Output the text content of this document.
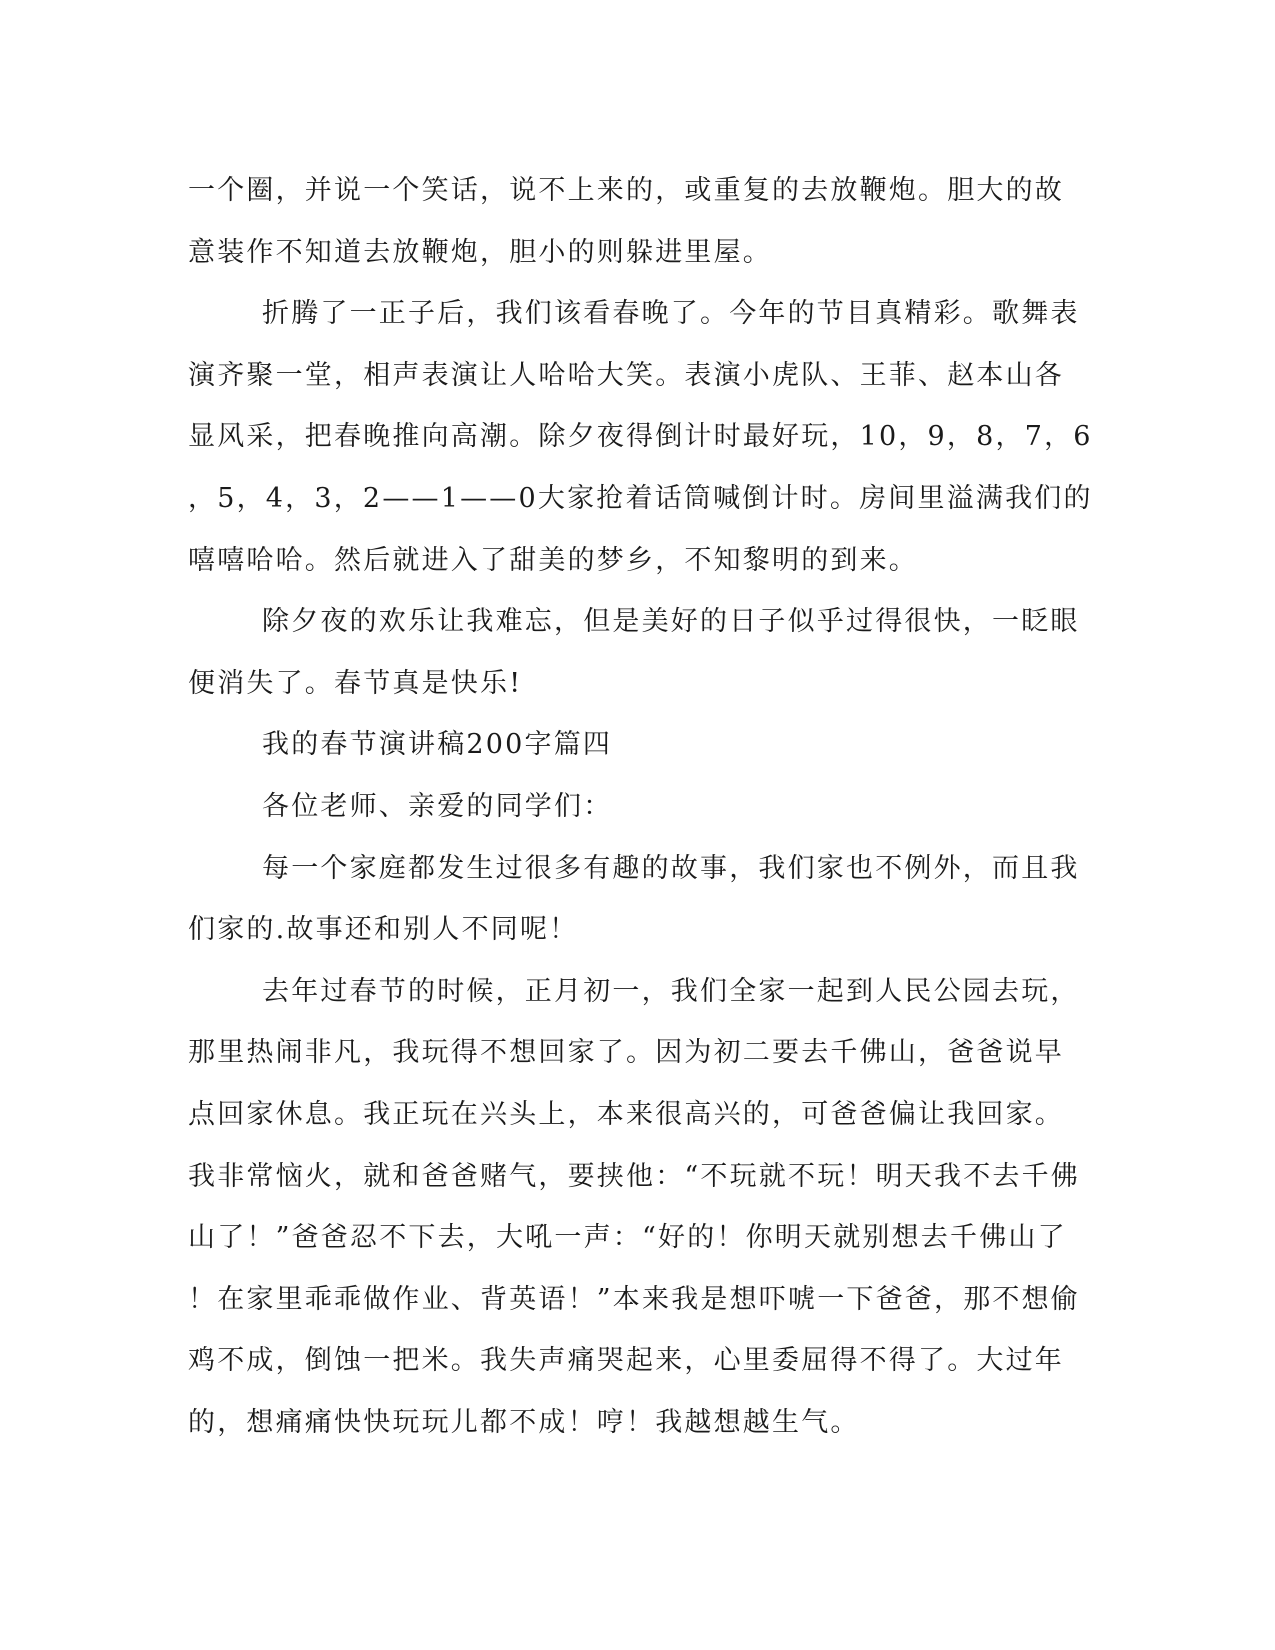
一个圈，并说一个笑话，说不上来的，或重复的去放鞭炮。胆大的故
意装作不知道去放鞭炮，胆小的则躲进里屋。
折腾了一正子后，我们该看春晚了。今年的节目真精彩。歌舞表
演齐聚一堂，相声表演让人哈哈大笑。表演小虎队、王菲、赵本山各
显风采，把春晚推向高潮。除夕夜得倒计时最好玩，10，9，8，7，6
，5，4，3，2——1——0大家抢着话筒喊倒计时。房间里溢满我们的
嘻嘻哈哈。然后就进入了甜美的梦乡，不知黎明的到来。
除夕夜的欢乐让我难忘，但是美好的日子似乎过得很快，一眨眼
便消失了。春节真是快乐!
我的春节演讲稿200字篇四
各位老师、亲爱的同学们：
每一个家庭都发生过很多有趣的故事，我们家也不例外，而且我
们家的.故事还和别人不同呢！
去年过春节的时候，正月初一，我们全家一起到人民公园去玩，
那里热闹非凡，我玩得不想回家了。因为初二要去千佛山，爸爸说早
点回家休息。我正玩在兴头上，本来很高兴的，可爸爸偏让我回家。
我非常恼火，就和爸爸赌气，要挟他：“不玩就不玩！明天我不去千佛
山了！”爸爸忍不下去，大吼一声：“好的！你明天就别想去千佛山了
！在家里乖乖做作业、背英语！”本来我是想吓唬一下爸爸，那不想偷
鸡不成，倒蚀一把米。我失声痛哭起来，心里委屈得不得了。大过年
的，想痛痛快快玩玩儿都不成！哼！我越想越生气。
